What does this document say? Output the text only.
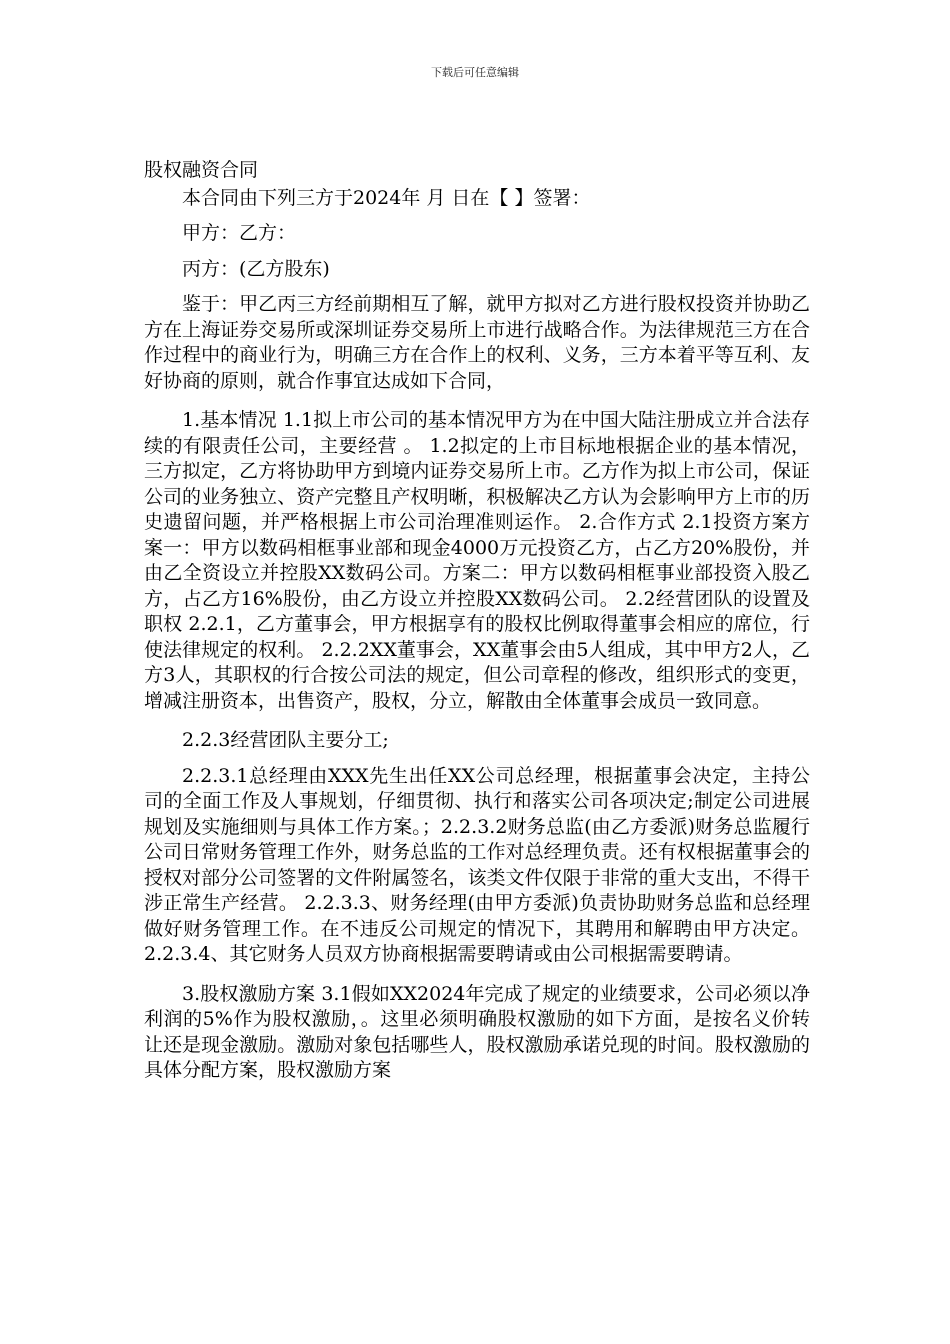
下载后可任意编辑
股权融资合同

本合同由下列三方于2024年 月 日在【 】签署：

甲方：乙方：

丙方：(乙方股东)

鉴于：甲乙丙三方经前期相互了解，就甲方拟对乙方进行股权投资并协助乙方在上海证券交易所或深圳证券交易所上市进行战略合作。为法律规范三方在合作过程中的商业行为，明确三方在合作上的权利、义务，三方本着平等互利、友好协商的原则，就合作事宜达成如下合同，

1.基本情况 1.1拟上市公司的基本情况甲方为在中国大陆注册成立并合法存续的有限责任公司，主要经营 。 1.2拟定的上市目标地根据企业的基本情况，三方拟定，乙方将协助甲方到境内证券交易所上市。乙方作为拟上市公司，保证公司的业务独立、资产完整且产权明晰，积极解决乙方认为会影响甲方上市的历史遗留问题，并严格根据上市公司治理准则运作。 2.合作方式 2.1投资方案方案一：甲方以数码相框事业部和现金4000万元投资乙方，占乙方20%股份，并由乙全资设立并控股XX数码公司。方案二：甲方以数码相框事业部投资入股乙方，占乙方16%股份，由乙方设立并控股XX数码公司。 2.2经营团队的设置及职权 2.2.1，乙方董事会，甲方根据享有的股权比例取得董事会相应的席位，行使法律规定的权利。 2.2.2XX董事会，XX董事会由5人组成，其中甲方2人，乙方3人，其职权的行合按公司法的规定，但公司章程的修改，组织形式的变更，增减注册资本，出售资产，股权，分立，解散由全体董事会成员一致同意。

2.2.3经营团队主要分工;

2.2.3.1总经理由XXX先生出任XX公司总经理，根据董事会决定，主持公司的全面工作及人事规划，仔细贯彻、执行和落实公司各项决定;制定公司进展规划及实施细则与具体工作方案。；2.2.3.2财务总监(由乙方委派)财务总监履行公司日常财务管理工作外，财务总监的工作对总经理负责。还有权根据董事会的授权对部分公司签署的文件附属签名，该类文件仅限于非常的重大支出，不得干涉正常生产经营。 2.2.3.3、财务经理(由甲方委派)负责协助财务总监和总经理做好财务管理工作。在不违反公司规定的情况下，其聘用和解聘由甲方决定。 2.2.3.4、其它财务人员双方协商根据需要聘请或由公司根据需要聘请。

3.股权激励方案 3.1假如XX2024年完成了规定的业绩要求，公司必须以净利润的5%作为股权激励，。这里必须明确股权激励的如下方面，是按名义价转让还是现金激励。激励对象包括哪些人，股权激励承诺兑现的时间。股权激励的具体分配方案，股权激励方案
